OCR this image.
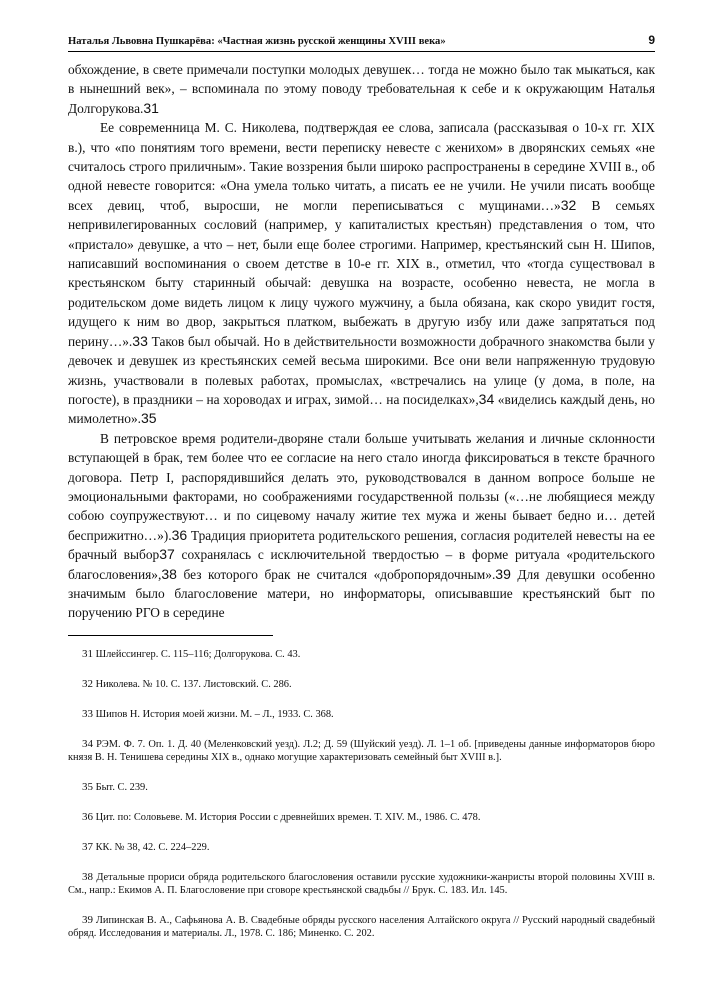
Наталья Львовна Пушкарёва: «Частная жизнь русской женщины XVIII века»	9

обхождение, в свете примечали поступки молодых девушек… тогда не можно было так мыкаться, как в нынешний век», – вспоминала по этому поводу требовательная к себе и к окружающим Наталья Долгорукова.31

Ее современница М. С. Николева, подтверждая ее слова, записала (рассказывая о 10-х гг. XIX в.), что «по понятиям того времени, вести переписку невесте с женихом» в дворянских семьях «не считалось строго приличным». Такие воззрения были широко распространены в середине XVIII в., об одной невесте говорится: «Она умела только читать, а писать ее не учили. Не учили писать вообще всех девиц, чтоб, выросши, не могли переписываться с мущинами…»32 В семьях непривилегированных сословий (например, у капиталистых крестьян) представления о том, что «пристало» девушке, а что – нет, были еще более строгими. Например, крестьянский сын Н. Шипов, написавший воспоминания о своем детстве в 10-е гг. XIX в., отметил, что «тогда существовал в крестьянском быту старинный обычай: девушка на возрасте, особенно невеста, не могла в родительском доме видеть лицом к лицу чужого мужчину, а была обязана, как скоро увидит гостя, идущего к ним во двор, закрыться платком, выбежать в другую избу или даже запрятаться под перину…».33 Таков был обычай. Но в действительности возможности добрачного знакомства были у девочек и девушек из крестьянских семей весьма широкими. Все они вели напряженную трудовую жизнь, участвовали в полевых работах, промыслах, «встречались на улице (у дома, в поле, на погосте), в праздники – на хороводах и играх, зимой… на посиделках»,34 «виделись каждый день, но мимолетно».35

В петровское время родители-дворяне стали больше учитывать желания и личные склонности вступающей в брак, тем более что ее согласие на него стало иногда фиксироваться в тексте брачного договора. Петр I, распорядившийся делать это, руководствовался в данном вопросе больше не эмоциональными факторами, но соображениями государственной пользы («…не любящиеся между собою соупружествуют… и по сицевому началу житие тех мужа и жены бывает бедно и… детей беcприжитно…»).36 Традиция приоритета родительского решения, согласия родителей невесты на ее брачный выбор37 сохранялась с исключительной твердостью – в форме ритуала «родительского благословения»,38 без которого брак не считался «добропорядочным».39 Для девушки особенно значимым было благословение матери, но информаторы, описывавшие крестьянский быт по поручению РГО в середине

31 Шлейссингер. С. 115–116; Долгорукова. С. 43.

32 Николева. № 10. С. 137. Листовский. С. 286.

33 Шипов Н. История моей жизни. М. – Л., 1933. С. 368.

34 РЭМ. Ф. 7. Оп. 1. Д. 40 (Меленковский уезд). Л.2; Д. 59 (Шуйский уезд). Л. 1–1 об. [приведены данные информаторов бюро князя В. Н. Тенишева середины XIX в., однако могущие характеризовать семейный быт XVIII в.].

35 Быт. С. 239.

36 Цит. по: Соловьеве. М. История России с древнейших времен. Т. XIV. М., 1986. С. 478.

37 КК. № 38, 42. С. 224–229.

38 Детальные прориси обряда родительского благословения оставили русские художники-жанристы второй половины XVIII в. См., напр.: Екимов А. П. Благословение при сговоре крестьянской свадьбы // Брук. С. 183. Ил. 145.

39 Липинская В. А., Сафьянова А. В. Свадебные обряды русского населения Алтайского округа // Русский народный свадебный обряд. Исследования и материалы. Л., 1978. С. 186; Миненко. С. 202.
